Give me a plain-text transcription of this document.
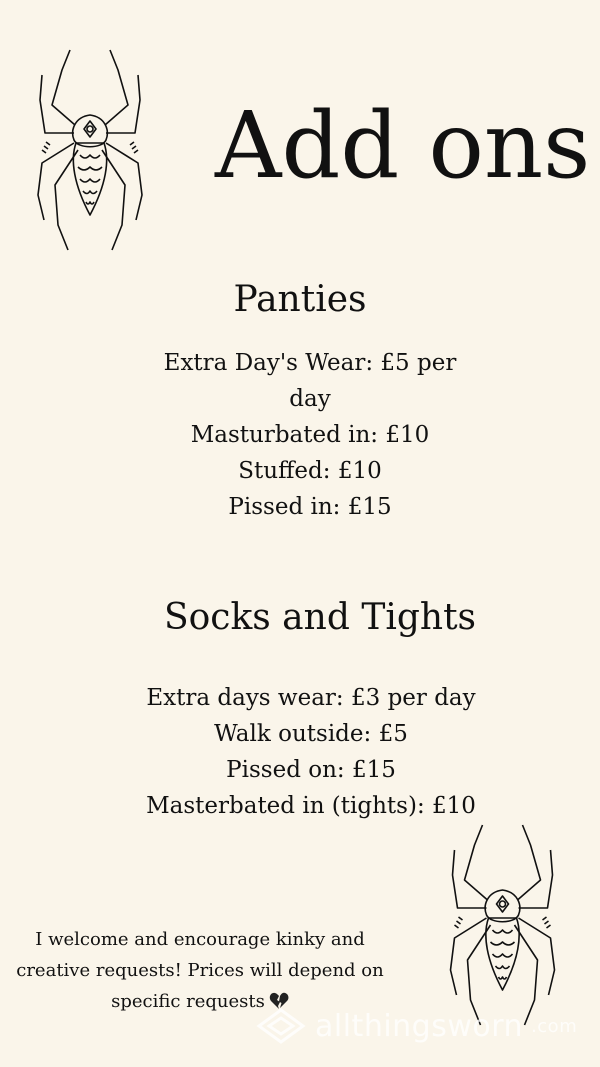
Add ons
Panties
Extra Day's Wear: £5 per
day
Masturbated in: £10
Stuffed: £10
Pissed in: £15
Socks and Tights
Extra days wear: £3 per day
Walk outside: £5
Pissed on: £15
Masterbated in (tights): £10
I welcome and encourage kinky and
creative requests! Prices will depend on
specific requests
allthingsworn .com
